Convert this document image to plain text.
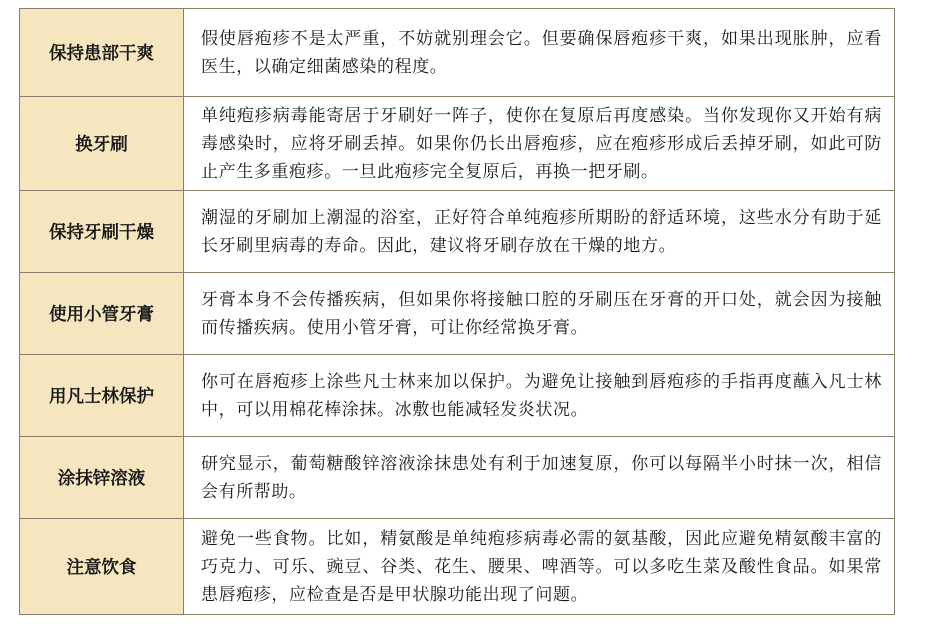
保持患部干爽	假使唇疱疹不是太严重，不妨就别理会它。但要确保唇疱疹干爽，如果出现胀肿，应看医生，以确定细菌感染的程度。
换牙刷	单纯疱疹病毒能寄居于牙刷好一阵子，使你在复原后再度感染。当你发现你又开始有病毒感染时，应将牙刷丢掉。如果你仍长出唇疱疹，应在疱疹形成后丢掉牙刷，如此可防止产生多重疱疹。一旦此疱疹完全复原后，再换一把牙刷。
保持牙刷干燥	潮湿的牙刷加上潮湿的浴室，正好符合单纯疱疹所期盼的舒适环境，这些水分有助于延长牙刷里病毒的寿命。因此，建议将牙刷存放在干燥的地方。
使用小管牙膏	牙膏本身不会传播疾病，但如果你将接触口腔的牙刷压在牙膏的开口处，就会因为接触而传播疾病。使用小管牙膏，可让你经常换牙膏。
用凡士林保护	你可在唇疱疹上涂些凡士林来加以保护。为避免让接触到唇疱疹的手指再度蘸入凡士林中，可以用棉花棒涂抹。冰敷也能减轻发炎状况。
涂抹锌溶液	研究显示，葡萄糖酸锌溶液涂抹患处有利于加速复原，你可以每隔半小时抹一次，相信会有所帮助。
注意饮食	避免一些食物。比如，精氨酸是单纯疱疹病毒必需的氨基酸，因此应避免精氨酸丰富的巧克力、可乐、豌豆、谷类、花生、腰果、啤酒等。可以多吃生菜及酸性食品。如果常患唇疱疹，应检查是否是甲状腺功能出现了问题。
